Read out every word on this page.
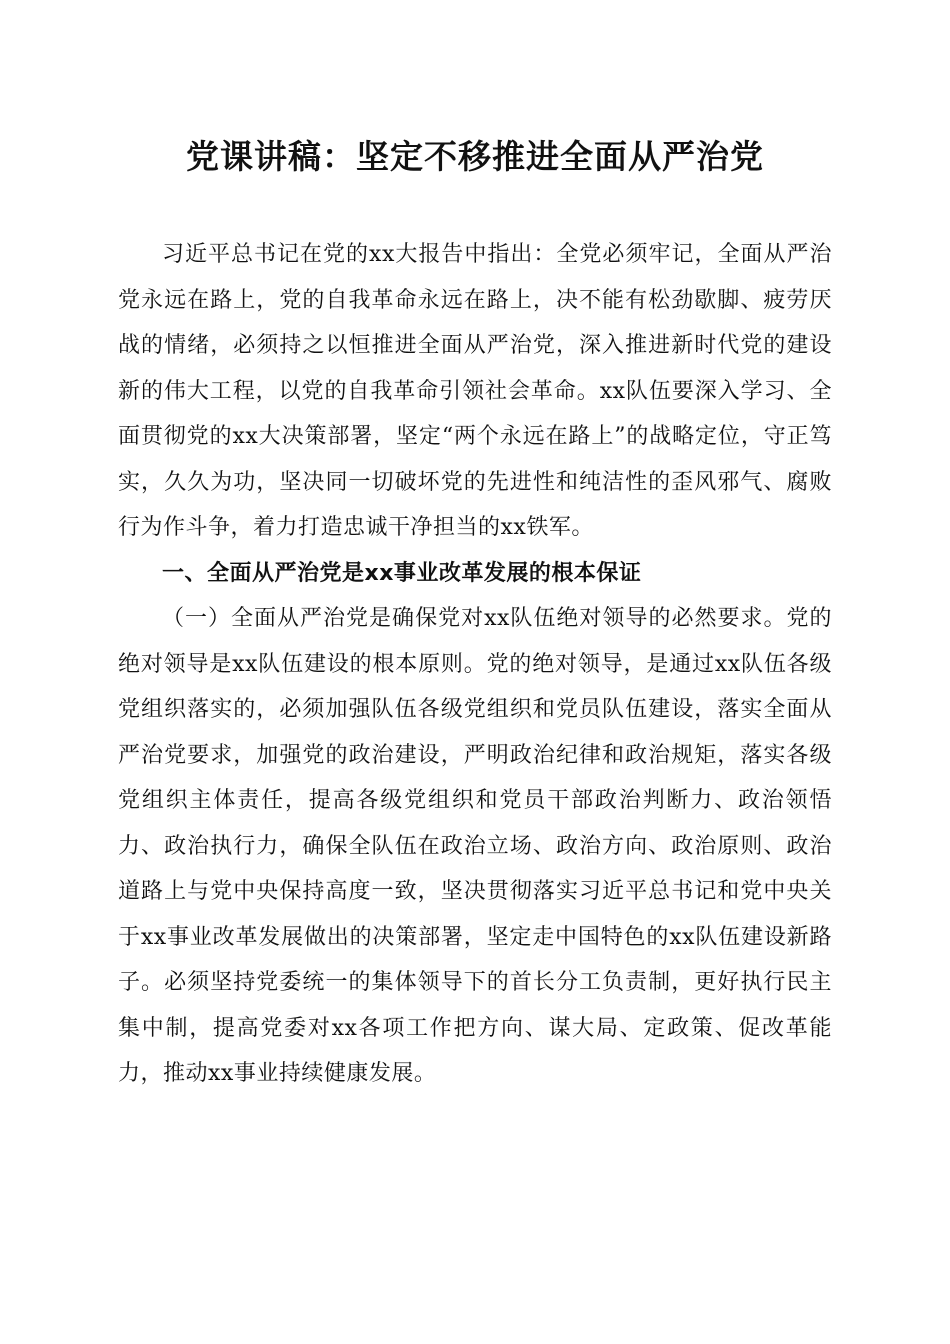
党课讲稿：坚定不移推进全面从严治党

习近平总书记在党的xx大报告中指出：全党必须牢记，全面从严治党永远在路上，党的自我革命永远在路上，决不能有松劲歇脚、疲劳厌战的情绪，必须持之以恒推进全面从严治党，深入推进新时代党的建设新的伟大工程，以党的自我革命引领社会革命。xx队伍要深入学习、全面贯彻党的xx大决策部署，坚定“两个永远在路上”的战略定位，守正笃实，久久为功，坚决同一切破坏党的先进性和纯洁性的歪风邪气、腐败行为作斗争，着力打造忠诚干净担当的xx铁军。

一、全面从严治党是xx事业改革发展的根本保证

（一）全面从严治党是确保党对xx队伍绝对领导的必然要求。党的绝对领导是xx队伍建设的根本原则。党的绝对领导，是通过xx队伍各级党组织落实的，必须加强队伍各级党组织和党员队伍建设，落实全面从严治党要求，加强党的政治建设，严明政治纪律和政治规矩，落实各级党组织主体责任，提高各级党组织和党员干部政治判断力、政治领悟力、政治执行力，确保全队伍在政治立场、政治方向、政治原则、政治道路上与党中央保持高度一致，坚决贯彻落实习近平总书记和党中央关于xx事业改革发展做出的决策部署，坚定走中国特色的xx队伍建设新路子。必须坚持党委统一的集体领导下的首长分工负责制，更好执行民主集中制，提高党委对xx各项工作把方向、谋大局、定政策、促改革能力，推动xx事业持续健康发展。
